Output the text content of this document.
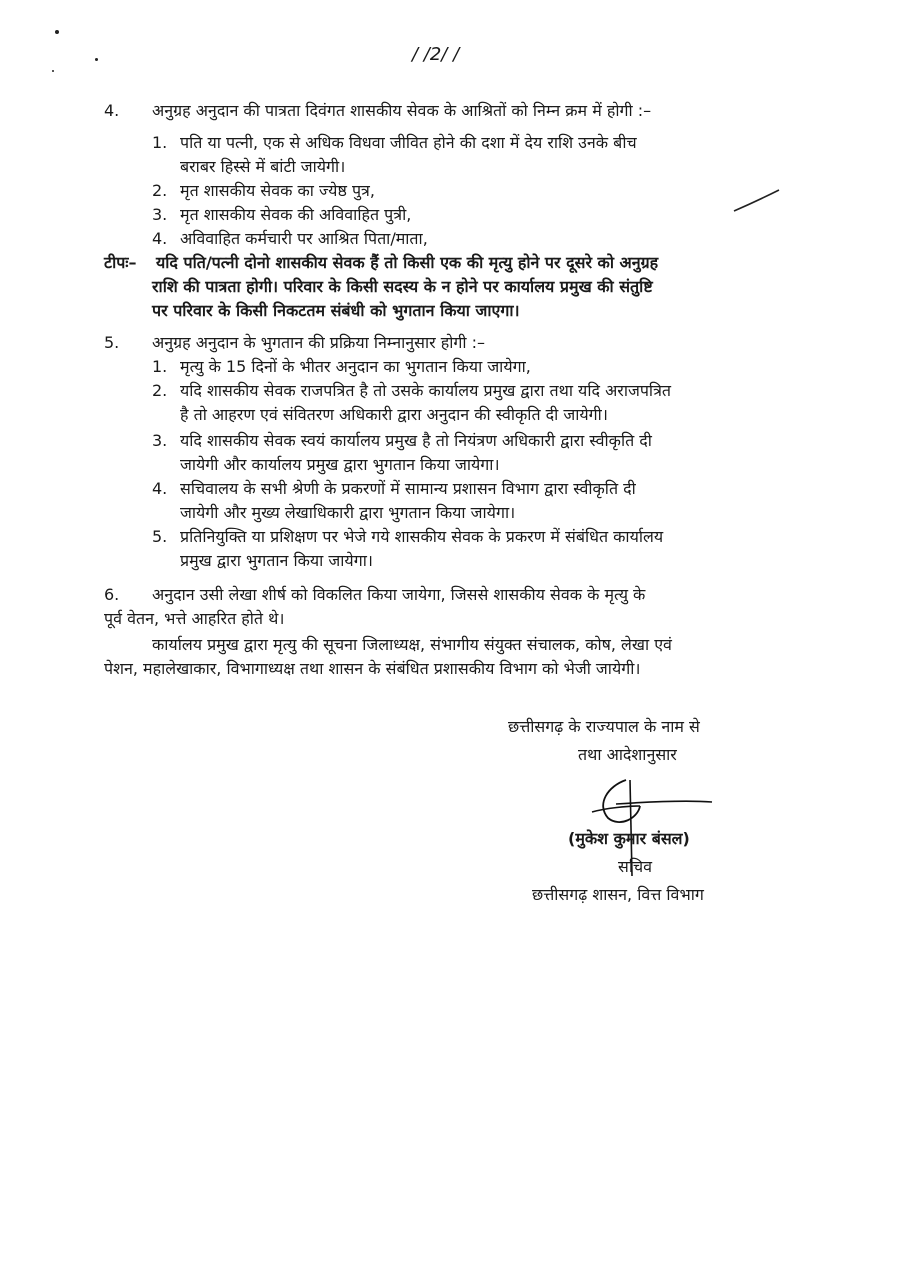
/ /2/ /
4. अनुग्रह अनुदान की पात्रता दिवंगत शासकीय सेवक के आश्रितों को निम्न क्रम में होगी :–
1. पति या पत्नी, एक से अधिक विधवा जीवित होने की दशा में देय राशि उनके बीच
बराबर हिस्से में बांटी जायेगी।
2. मृत शासकीय सेवक का ज्येष्ठ पुत्र,
3. मृत शासकीय सेवक की अविवाहित पुत्री,
4. अविवाहित कर्मचारी पर आश्रित पिता/माता,
टीपः– यदि पति/पत्नी दोनो शासकीय सेवक हैं तो किसी एक की मृत्यु होने पर दूसरे को अनुग्रह
राशि की पात्रता होगी। परिवार के किसी सदस्य के न होने पर कार्यालय प्रमुख की संतुष्टि
पर परिवार के किसी निकटतम संबंधी को भुगतान किया जाएगा।
5. अनुग्रह अनुदान के भुगतान की प्रक्रिया निम्नानुसार होगी :–
1. मृत्यु के 15 दिनों के भीतर अनुदान का भुगतान किया जायेगा,
2. यदि शासकीय सेवक राजपत्रित है तो उसके कार्यालय प्रमुख द्वारा तथा यदि अराजपत्रित
है तो आहरण एवं संवितरण अधिकारी द्वारा अनुदान की स्वीकृति दी जायेगी।
3. यदि शासकीय सेवक स्वयं कार्यालय प्रमुख है तो नियंत्रण अधिकारी द्वारा स्वीकृति दी
जायेगी और कार्यालय प्रमुख द्वारा भुगतान किया जायेगा।
4. सचिवालय के सभी श्रेणी के प्रकरणों में सामान्य प्रशासन विभाग द्वारा स्वीकृति दी
जायेगी और मुख्य लेखाधिकारी द्वारा भुगतान किया जायेगा।
5. प्रतिनियुक्ति या प्रशिक्षण पर भेजे गये शासकीय सेवक के प्रकरण में संबंधित कार्यालय
प्रमुख द्वारा भुगतान किया जायेगा।
6. अनुदान उसी लेखा शीर्ष को विकलित किया जायेगा, जिससे शासकीय सेवक के मृत्यु के
पूर्व वेतन, भत्ते आहरित होते थे।
कार्यालय प्रमुख द्वारा मृत्यु की सूचना जिलाध्यक्ष, संभागीय संयुक्त संचालक, कोष, लेखा एवं
पेशन, महालेखाकार, विभागाध्यक्ष तथा शासन के संबंधित प्रशासकीय विभाग को भेजी जायेगी।
छत्तीसगढ़ के राज्यपाल के नाम से
तथा आदेशानुसार
(मुकेश कुमार बंसल)
सचिव
छत्तीसगढ़ शासन, वित्त विभाग
